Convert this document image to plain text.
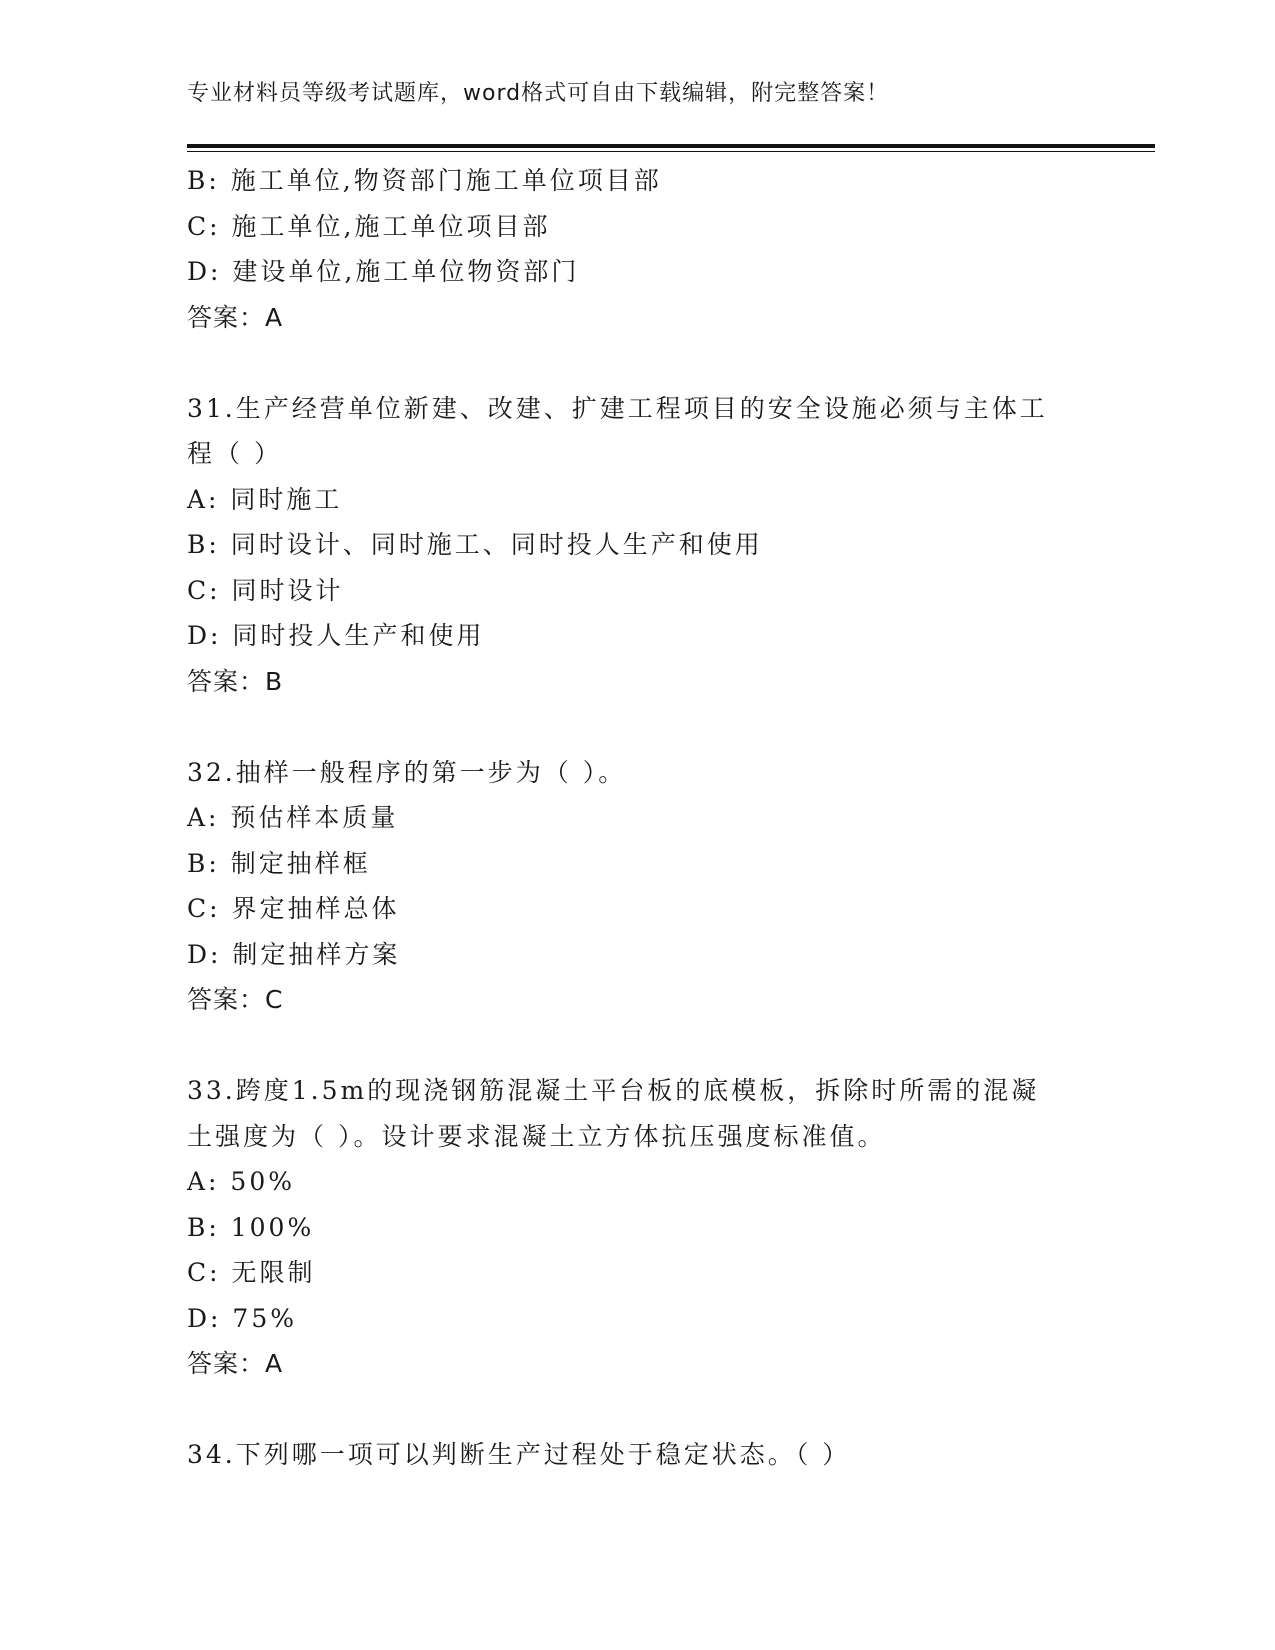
专业材料员等级考试题库，word格式可自由下载编辑，附完整答案！
B: 施工单位,物资部门施工单位项目部
C: 施工单位,施工单位项目部
D: 建设单位,施工单位物资部门
答案：A
31.生产经营单位新建、改建、扩建工程项目的安全设施必须与主体工
程（ ）
A: 同时施工
B: 同时设计、同时施工、同时投人生产和使用
C: 同时设计
D: 同时投人生产和使用
答案：B
32.抽样一般程序的第一步为（ ）。
A: 预估样本质量
B: 制定抽样框
C: 界定抽样总体
D: 制定抽样方案
答案：C
33.跨度1.5m的现浇钢筋混凝土平台板的底模板，拆除时所需的混凝
土强度为（ ）。设计要求混凝土立方体抗压强度标准值。
A: 50%
B: 100%
C: 无限制
D: 75%
答案：A
34.下列哪一项可以判断生产过程处于稳定状态。（ ）
